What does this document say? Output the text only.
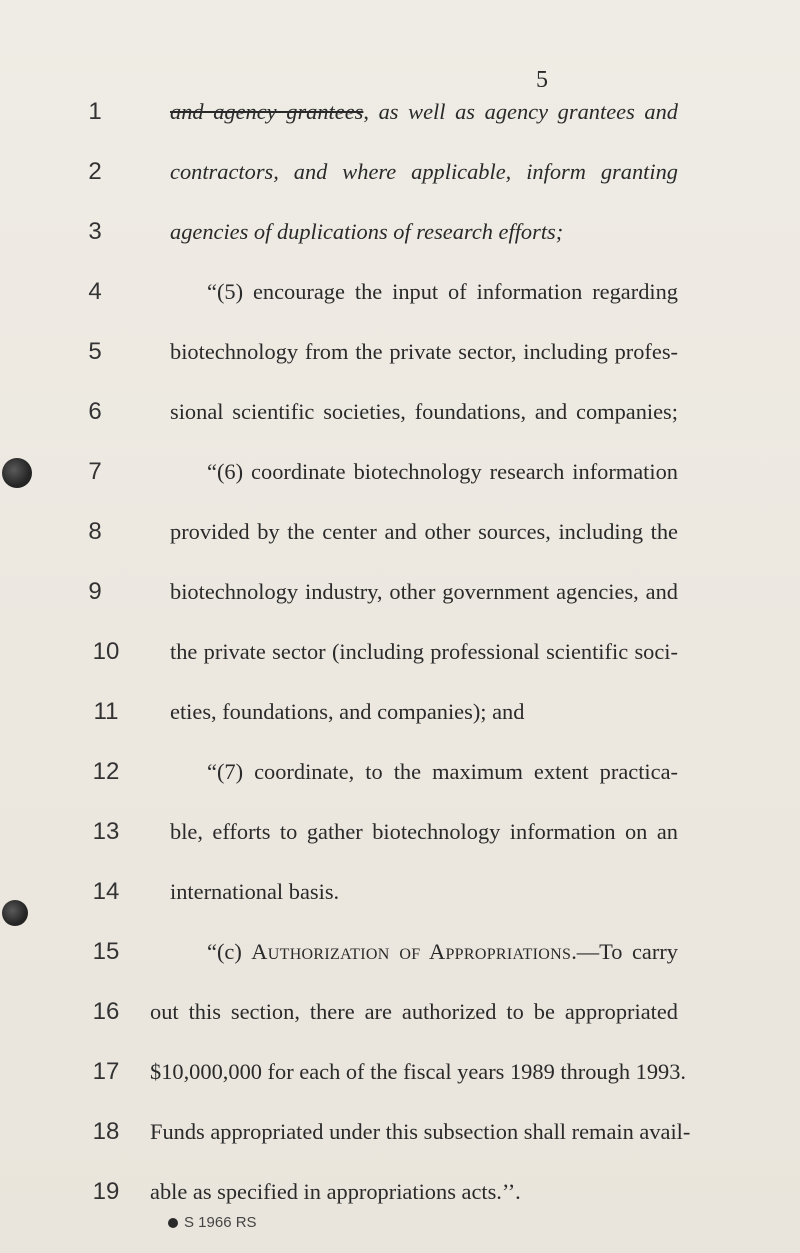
5
1	and agency grantees, as well as agency grantees and
2	contractors, and where applicable, inform granting
3	agencies of duplications of research efforts;
4	“(5) encourage the input of information regarding
5	biotechnology from the private sector, including profes-
6	sional scientific societies, foundations, and companies;
7	“(6) coordinate biotechnology research information
8	provided by the center and other sources, including the
9	biotechnology industry, other government agencies, and
10 the private sector (including professional scientific soci-
11 eties, foundations, and companies); and
12	“(7) coordinate, to the maximum extent practica-
13 ble, efforts to gather biotechnology information on an
14 international basis.
15	“(c) Authorization of Appropriations.—To carry
16 out this section, there are authorized to be appropriated
17 $10,000,000 for each of the fiscal years 1989 through 1993.
18 Funds appropriated under this subsection shall remain avail-
19 able as specified in appropriations acts.’’.
S 1966 RS
